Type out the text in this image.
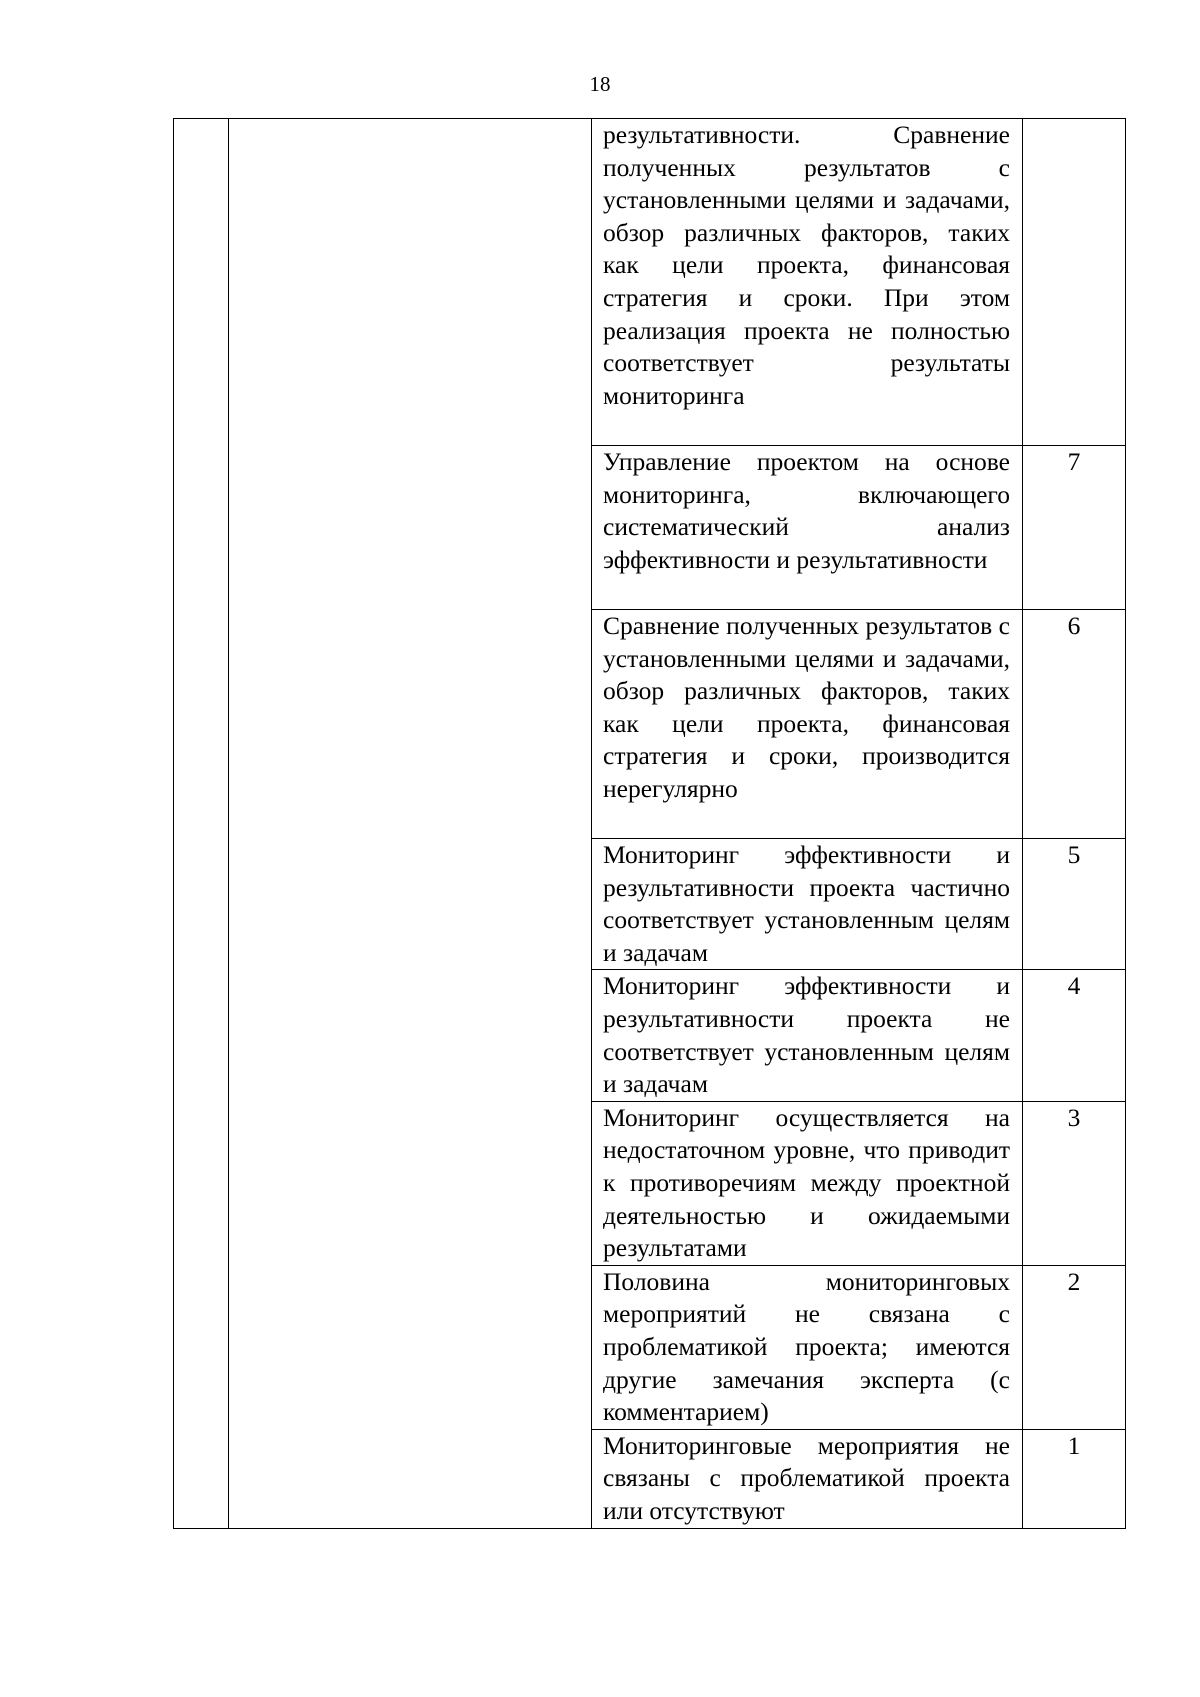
18

		результативности. Сравнение полученных результатов с установленными целями и задачами, обзор различных факторов, таких как цели проекта, финансовая стратегия и сроки. При этом реализация проекта не полностью соответствует результаты мониторинга	

		Управление проектом на основе мониторинга, включающего систематический анализ эффективности и результативности	7

		Сравнение полученных результатов с установленными целями и задачами, обзор различных факторов, таких как цели проекта, финансовая стратегия и сроки, производится нерегулярно	6

		Мониторинг эффективности и результативности проекта частично соответствует установленным целям и задачам	5

		Мониторинг эффективности и результативности проекта не соответствует установленным целям и задачам	4

		Мониторинг осуществляется на недостаточном уровне, что приводит к противоречиям между проектной деятельностью и ожидаемыми результатами	3

		Половина мониторинговых мероприятий не связана с проблематикой проекта; имеются другие замечания эксперта (с комментарием)	2

		Мониторинговые мероприятия не связаны с проблематикой проекта или отсутствуют	1
